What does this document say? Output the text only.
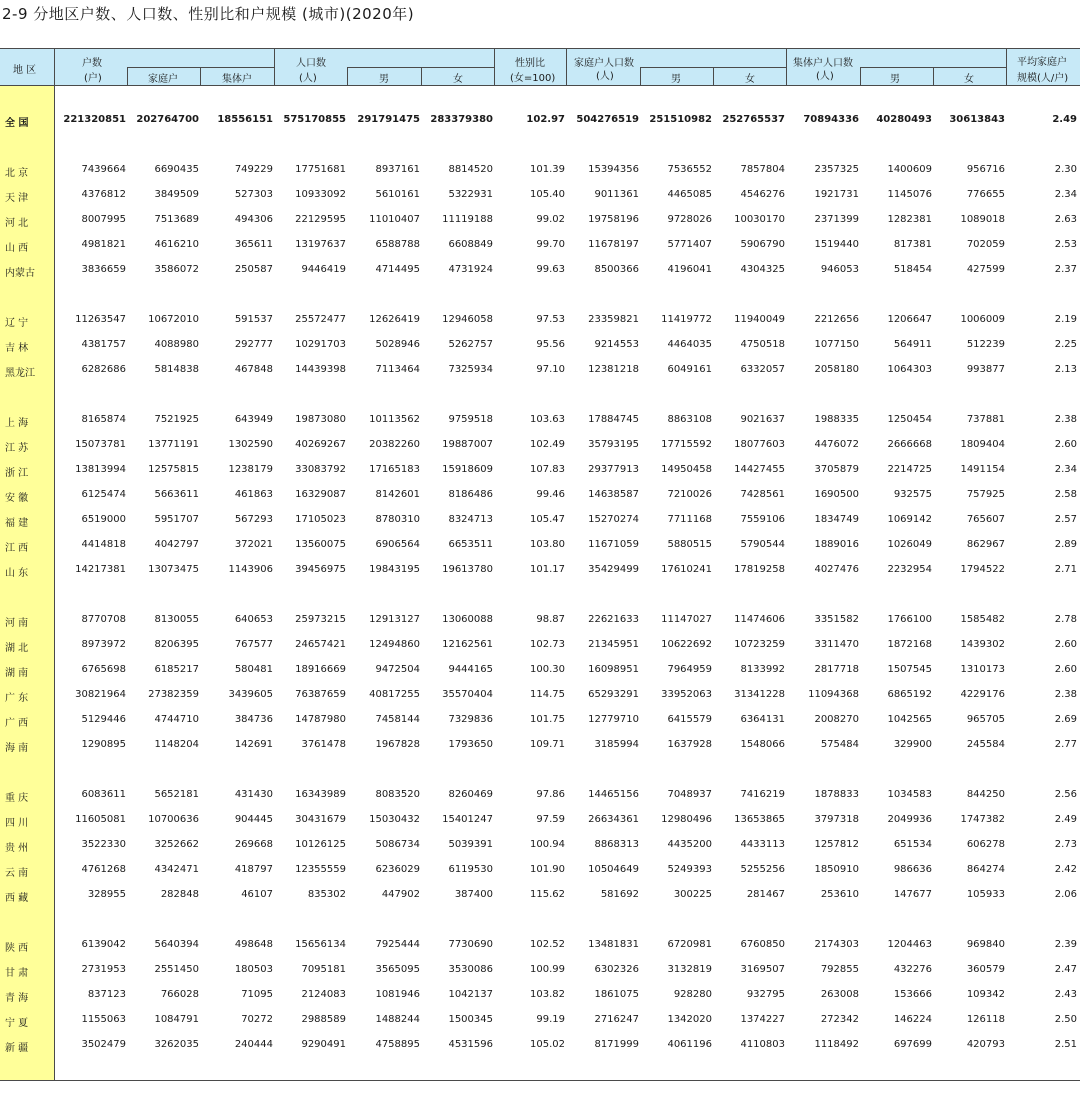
2-9 分地区户数、人口数、性别比和户规模 (城市)(2020年)
地 区
户数
(户)	家庭户	集体户
人口数
(人)	男	女
性别比
(女=100)
家庭户人口数
(人)	男	女
集体户人口数
(人)	男	女
平均家庭户
规模(人/户)
全 国	221320851	202764700	18556151	575170855	291791475	283379380	102.97	504276519	251510982	252765537	70894336	40280493	30613843	2.49
北 京	7439664	6690435	749229	17751681	8937161	8814520	101.39	15394356	7536552	7857804	2357325	1400609	956716	2.30
天 津	4376812	3849509	527303	10933092	5610161	5322931	105.40	9011361	4465085	4546276	1921731	1145076	776655	2.34
河 北	8007995	7513689	494306	22129595	11010407	11119188	99.02	19758196	9728026	10030170	2371399	1282381	1089018	2.63
山 西	4981821	4616210	365611	13197637	6588788	6608849	99.70	11678197	5771407	5906790	1519440	817381	702059	2.53
内蒙古	3836659	3586072	250587	9446419	4714495	4731924	99.63	8500366	4196041	4304325	946053	518454	427599	2.37
辽 宁	11263547	10672010	591537	25572477	12626419	12946058	97.53	23359821	11419772	11940049	2212656	1206647	1006009	2.19
吉 林	4381757	4088980	292777	10291703	5028946	5262757	95.56	9214553	4464035	4750518	1077150	564911	512239	2.25
黑龙江	6282686	5814838	467848	14439398	7113464	7325934	97.10	12381218	6049161	6332057	2058180	1064303	993877	2.13
上 海	8165874	7521925	643949	19873080	10113562	9759518	103.63	17884745	8863108	9021637	1988335	1250454	737881	2.38
江 苏	15073781	13771191	1302590	40269267	20382260	19887007	102.49	35793195	17715592	18077603	4476072	2666668	1809404	2.60
浙 江	13813994	12575815	1238179	33083792	17165183	15918609	107.83	29377913	14950458	14427455	3705879	2214725	1491154	2.34
安 徽	6125474	5663611	461863	16329087	8142601	8186486	99.46	14638587	7210026	7428561	1690500	932575	757925	2.58
福 建	6519000	5951707	567293	17105023	8780310	8324713	105.47	15270274	7711168	7559106	1834749	1069142	765607	2.57
江 西	4414818	4042797	372021	13560075	6906564	6653511	103.80	11671059	5880515	5790544	1889016	1026049	862967	2.89
山 东	14217381	13073475	1143906	39456975	19843195	19613780	101.17	35429499	17610241	17819258	4027476	2232954	1794522	2.71
河 南	8770708	8130055	640653	25973215	12913127	13060088	98.87	22621633	11147027	11474606	3351582	1766100	1585482	2.78
湖 北	8973972	8206395	767577	24657421	12494860	12162561	102.73	21345951	10622692	10723259	3311470	1872168	1439302	2.60
湖 南	6765698	6185217	580481	18916669	9472504	9444165	100.30	16098951	7964959	8133992	2817718	1507545	1310173	2.60
广 东	30821964	27382359	3439605	76387659	40817255	35570404	114.75	65293291	33952063	31341228	11094368	6865192	4229176	2.38
广 西	5129446	4744710	384736	14787980	7458144	7329836	101.75	12779710	6415579	6364131	2008270	1042565	965705	2.69
海 南	1290895	1148204	142691	3761478	1967828	1793650	109.71	3185994	1637928	1548066	575484	329900	245584	2.77
重 庆	6083611	5652181	431430	16343989	8083520	8260469	97.86	14465156	7048937	7416219	1878833	1034583	844250	2.56
四 川	11605081	10700636	904445	30431679	15030432	15401247	97.59	26634361	12980496	13653865	3797318	2049936	1747382	2.49
贵 州	3522330	3252662	269668	10126125	5086734	5039391	100.94	8868313	4435200	4433113	1257812	651534	606278	2.73
云 南	4761268	4342471	418797	12355559	6236029	6119530	101.90	10504649	5249393	5255256	1850910	986636	864274	2.42
西 藏	328955	282848	46107	835302	447902	387400	115.62	581692	300225	281467	253610	147677	105933	2.06
陕 西	6139042	5640394	498648	15656134	7925444	7730690	102.52	13481831	6720981	6760850	2174303	1204463	969840	2.39
甘 肃	2731953	2551450	180503	7095181	3565095	3530086	100.99	6302326	3132819	3169507	792855	432276	360579	2.47
青 海	837123	766028	71095	2124083	1081946	1042137	103.82	1861075	928280	932795	263008	153666	109342	2.43
宁 夏	1155063	1084791	70272	2988589	1488244	1500345	99.19	2716247	1342020	1374227	272342	146224	126118	2.50
新 疆	3502479	3262035	240444	9290491	4758895	4531596	105.02	8171999	4061196	4110803	1118492	697699	420793	2.51
